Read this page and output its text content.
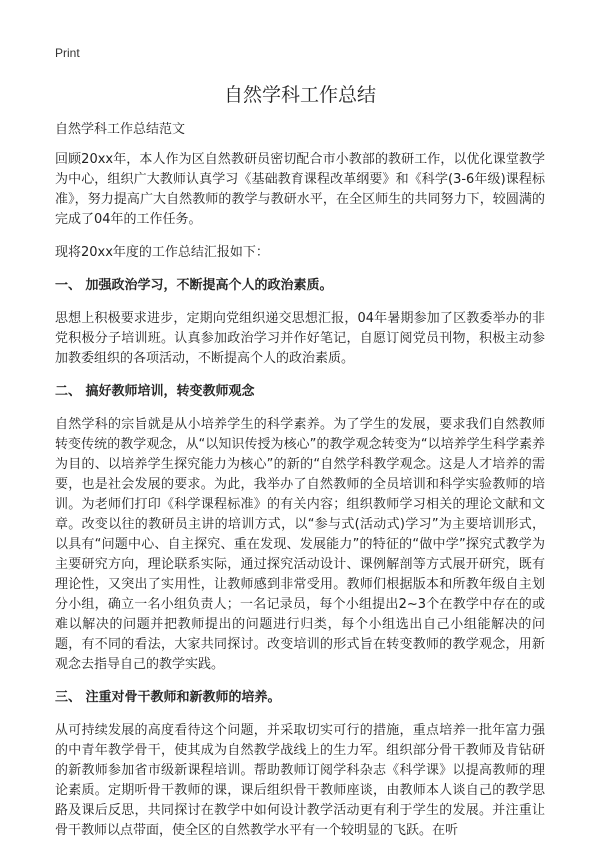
Print
自然学科工作总结

自然学科工作总结范文

回顾20xx年，本人作为区自然教研员密切配合市小教部的教研工作，以优化课堂教学为中心，组织广大教师认真学习《基础教育课程改革纲要》和《科学(3-6年级)课程标准》，努力提高广大自然教师的教学与教研水平，在全区师生的共同努力下，较圆满的完成了04年的工作任务。

现将20xx年度的工作总结汇报如下：

一、 加强政治学习，不断提高个人的政治素质。

思想上积极要求进步，定期向党组织递交思想汇报，04年暑期参加了区教委举办的非党积极分子培训班。认真参加政治学习并作好笔记，自愿订阅党员刊物，积极主动参加教委组织的各项活动，不断提高个人的政治素质。

二、 搞好教师培训，转变教师观念

自然学科的宗旨就是从小培养学生的科学素养。为了学生的发展，要求我们自然教师转变传统的教学观念，从“以知识传授为核心”的教学观念转变为“以培养学生科学素养为目的、以培养学生探究能力为核心”的新的“自然学科教学观念。这是人才培养的需要，也是社会发展的要求。为此，我举办了自然教师的全员培训和科学实验教师的培训。为老师们打印《科学课程标准》的有关内容；组织教师学习相关的理论文献和文章。改变以往的教研员主讲的培训方式，以“参与式(活动式)学习”为主要培训形式，以具有“问题中心、自主探究、重在发现、发展能力”的特征的“做中学”探究式教学为主要研究方向，理论联系实际，通过探究活动设计、课例解剖等方式展开研究，既有理论性，又突出了实用性，让教师感到非常受用。教师们根据版本和所教年级自主划分小组，确立一名小组负责人；一名记录员，每个小组提出2~3个在教学中存在的或难以解决的问题并把教师提出的问题进行归类，每个小组选出自己小组能解决的问题，有不同的看法，大家共同探讨。改变培训的形式旨在转变教师的教学观念，用新观念去指导自己的教学实践。

三、 注重对骨干教师和新教师的培养。

从可持续发展的高度看待这个问题，并采取切实可行的措施，重点培养一批年富力强的中青年教学骨干，使其成为自然教学战线上的生力军。组织部分骨干教师及肯钻研的新教师参加省市级新课程培训。帮助教师订阅学科杂志《科学课》以提高教师的理论素质。定期听骨干教师的课，课后组织骨干教师座谈，由教师本人谈自己的教学思路及课后反思，共同探讨在教学中如何设计教学活动更有利于学生的发展。并注重让骨干教师以点带面，使全区的自然教学水平有一个较明显的飞跃。在听
